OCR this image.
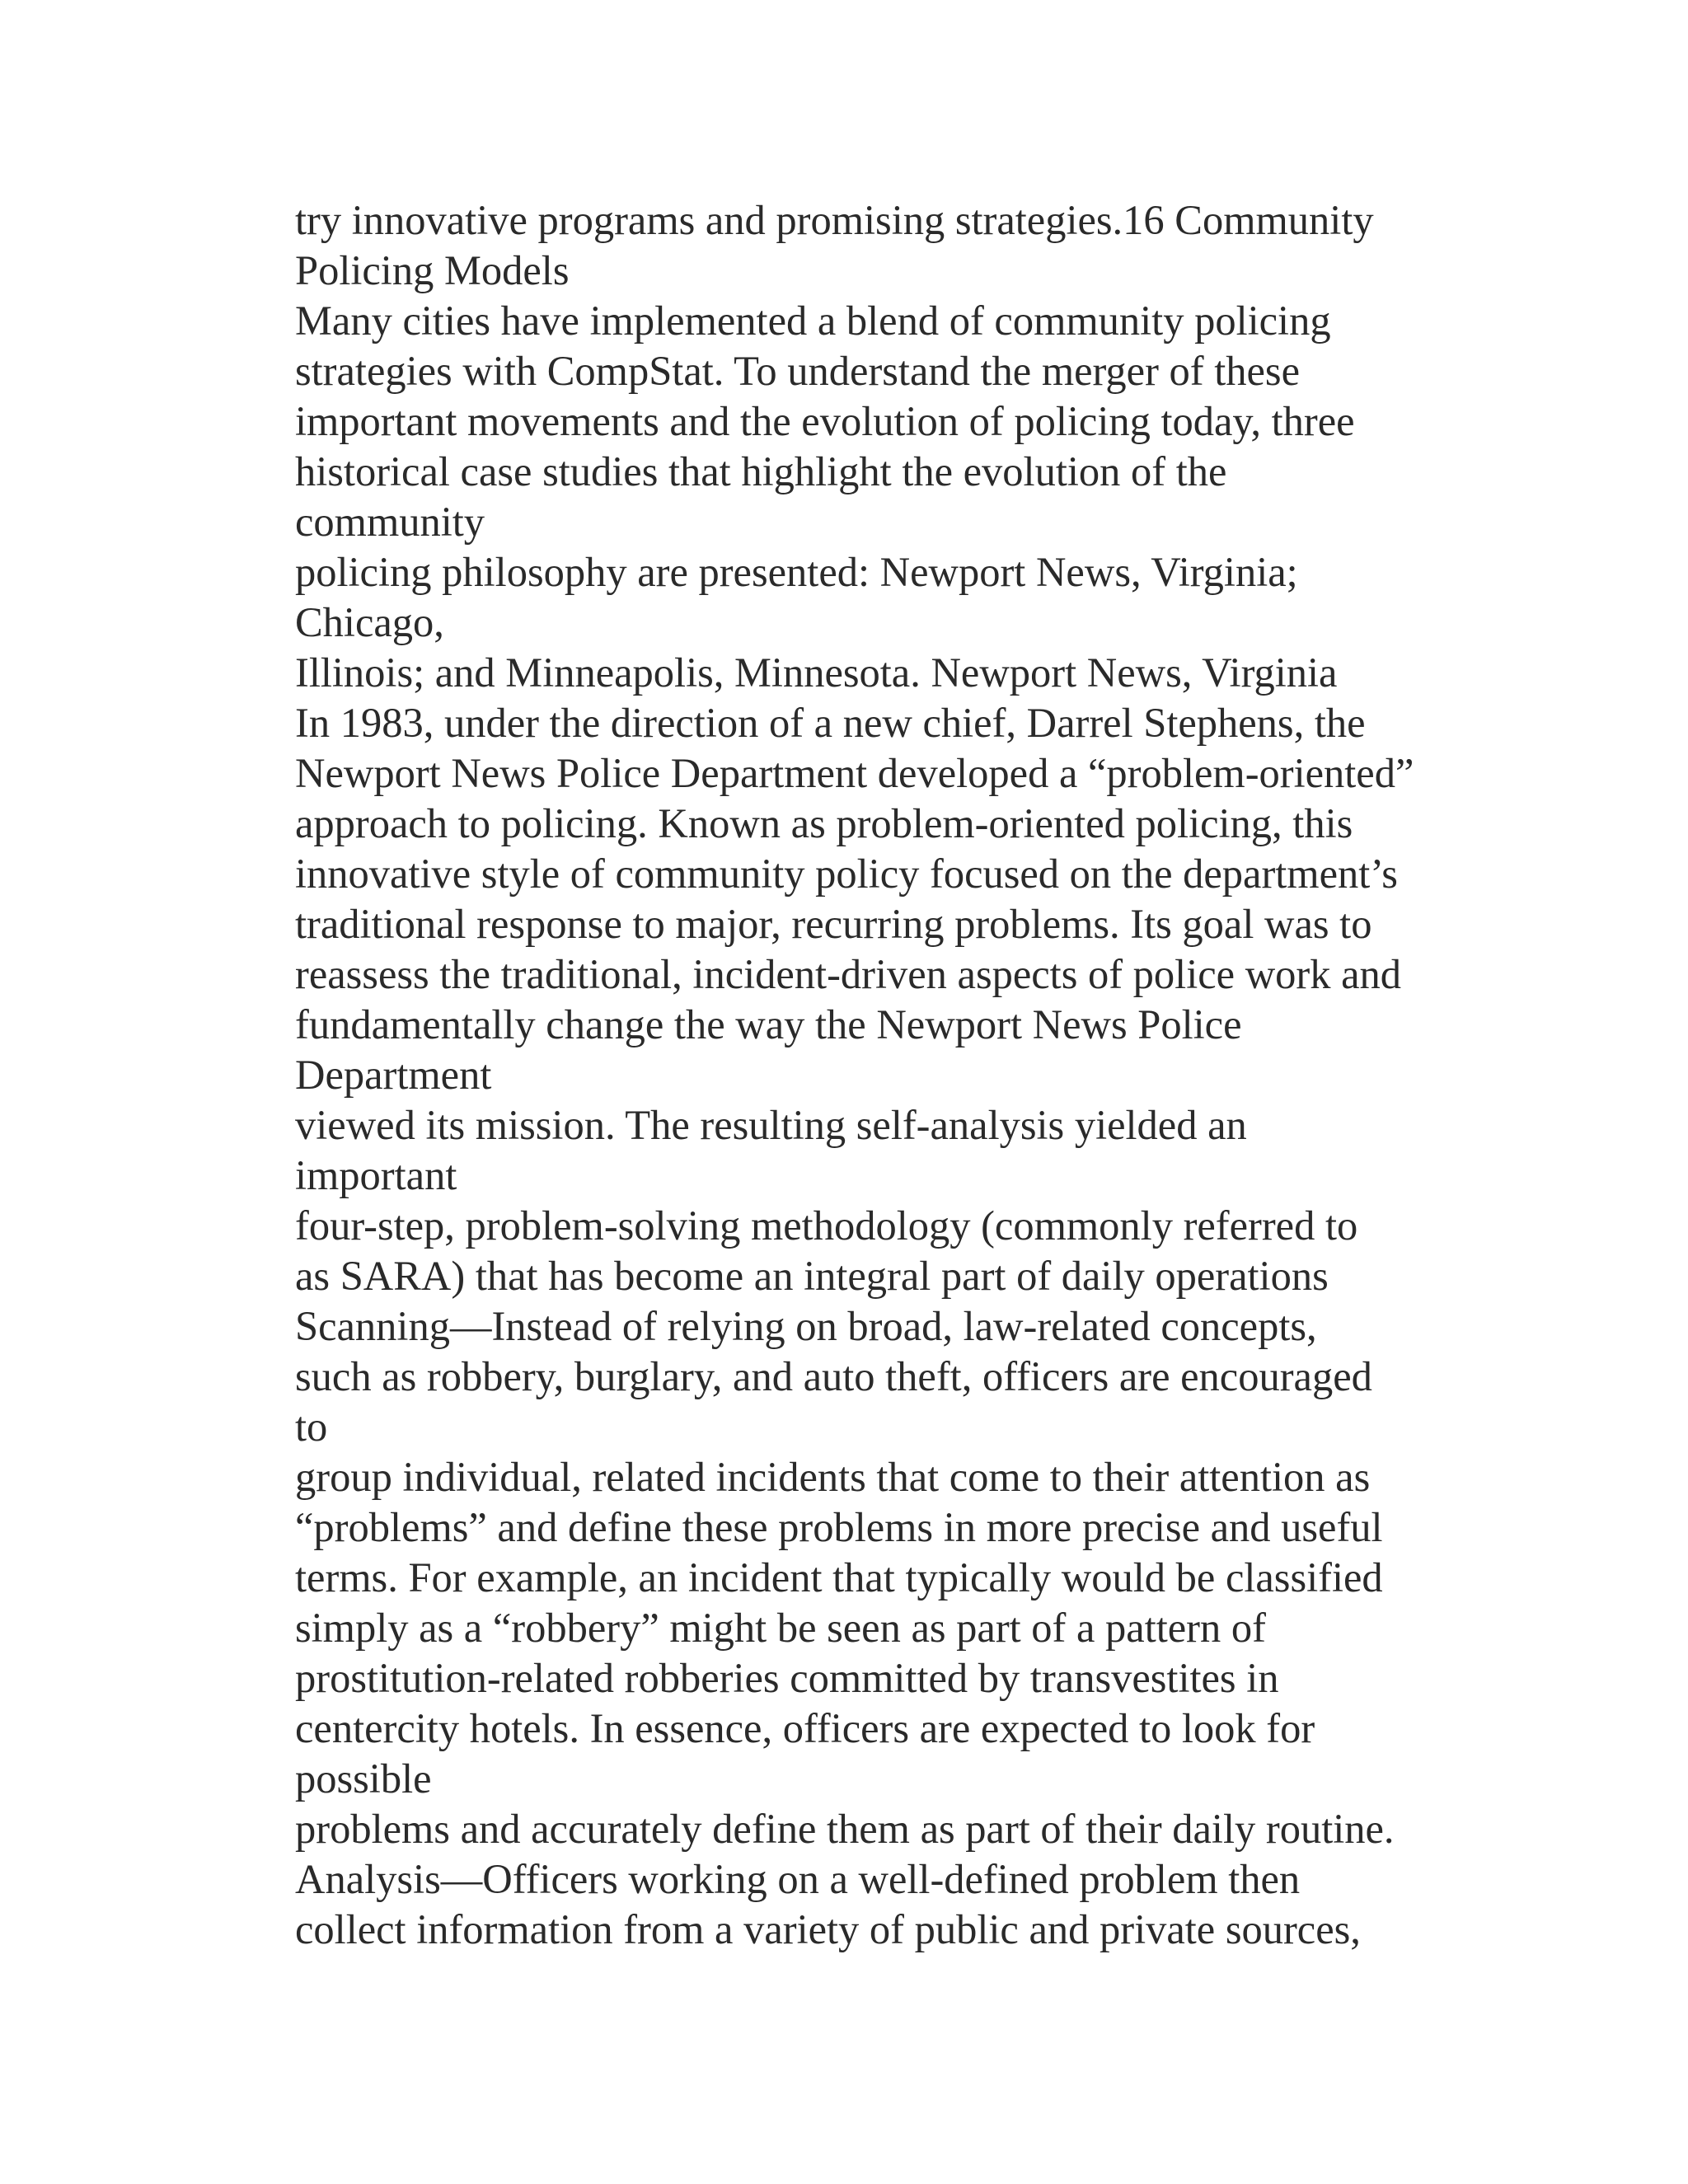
try innovative programs and promising strategies.16 Community
Policing Models
Many cities have implemented a blend of community policing
strategies with CompStat. To understand the merger of these
important movements and the evolution of policing today, three
historical case studies that highlight the evolution of the
community
policing philosophy are presented: Newport News, Virginia;
Chicago,
Illinois; and Minneapolis, Minnesota. Newport News, Virginia
In 1983, under the direction of a new chief, Darrel Stephens, the
Newport News Police Department developed a “problem-oriented”
approach to policing. Known as problem-oriented policing, this
innovative style of community policy focused on the department’s
traditional response to major, recurring problems. Its goal was to
reassess the traditional, incident-driven aspects of police work and
fundamentally change the way the Newport News Police
Department
viewed its mission. The resulting self-analysis yielded an
important
four-step, problem-solving methodology (commonly referred to
as SARA) that has become an integral part of daily operations
Scanning—Instead of relying on broad, law-related concepts,
such as robbery, burglary, and auto theft, officers are encouraged
to
group individual, related incidents that come to their attention as
“problems” and define these problems in more precise and useful
terms. For example, an incident that typically would be classified
simply as a “robbery” might be seen as part of a pattern of
prostitution-related robberies committed by transvestites in
centercity hotels. In essence, officers are expected to look for
possible
problems and accurately define them as part of their daily routine.
Analysis—Officers working on a well-defined problem then
collect information from a variety of public and private sources,
